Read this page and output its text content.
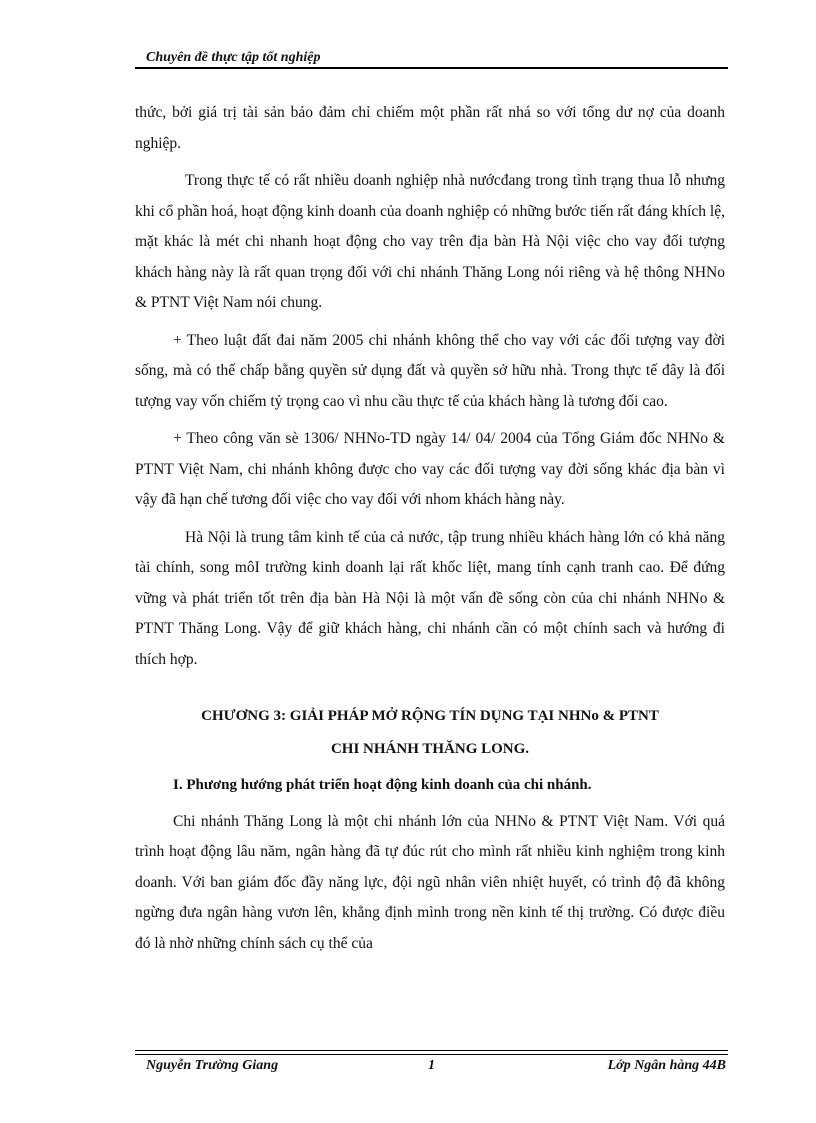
Chuyên đề thực tập tốt nghiệp

thức, bởi giá trị tài sản bảo đảm chỉ chiếm một phần rất nhá so với tổng dư nợ của doanh nghiệp.

Trong thực tế có rất nhiều doanh nghiệp nhà nướcđang trong tình trạng thua lỗ nhưng khi cổ phần hoá, hoạt động kinh doanh của doanh nghiệp có những bước tiến rất đáng khích lệ, mặt khác là mét chi nhanh hoạt động cho vay trên địa bàn Hà Nội việc cho vay đối tượng khách hàng này là rất quan trọng đối với chi nhánh Thăng Long nói riêng và hệ thông NHNo & PTNT Việt Nam nói chung.

+ Theo luật đất đai năm 2005 chi nhánh không thể cho vay với các đối tượng vay đời sống, mà có thế chấp bằng quyền sử dụng đất và quyền sở hữu nhà. Trong thực tế đây là đối tượng vay vốn chiếm tỷ trọng cao vì nhu cầu thực tế của khách hàng là tương đối cao.

+ Theo công văn sè 1306/ NHNo-TD ngày 14/ 04/ 2004 của Tổng Giám đốc NHNo & PTNT Việt Nam, chi nhánh không được cho vay các đối tượng vay đời sống khác địa bàn vì vậy đã hạn chế tương đối việc cho vay đối với nhom khách hàng này.

Hà Nội là trung tâm kinh tế của cả nước, tập trung nhiều khách hàng lớn có khả năng tài chính, song môI trường kinh doanh lại rất khốc liệt, mang tính cạnh tranh cao. Để đứng vững và phát triển tốt trên địa bàn Hà Nội là một vấn đề sống còn của chi nhánh NHNo & PTNT Thăng Long. Vậy để giữ khách hàng, chi nhánh cần có một chính sach và hướng đi thích hợp.

CHƯƠNG 3: GIẢI PHÁP MỞ RỘNG TÍN DỤNG TẠI NHNo & PTNT
CHI NHÁNH THĂNG LONG.

I. Phương hướng phát triển hoạt động kinh doanh của chi nhánh.

Chi nhánh Thăng Long là một chi nhánh lớn của NHNo & PTNT Việt Nam. Với quá trình hoạt động lâu năm, ngân hàng đã tự đúc rút cho mình rất nhiều kinh nghiệm trong kinh doanh. Với ban giám đốc đầy năng lực, đội ngũ nhân viên nhiệt huyết, có trình độ đã không ngừng đưa ngân hàng vươn lên, khẳng định mình trong nền kinh tế thị trường. Có được điều đó là nhờ những chính sách cụ thể của

Nguyễn Trường Giang	1	Lớp Ngân hàng 44B
